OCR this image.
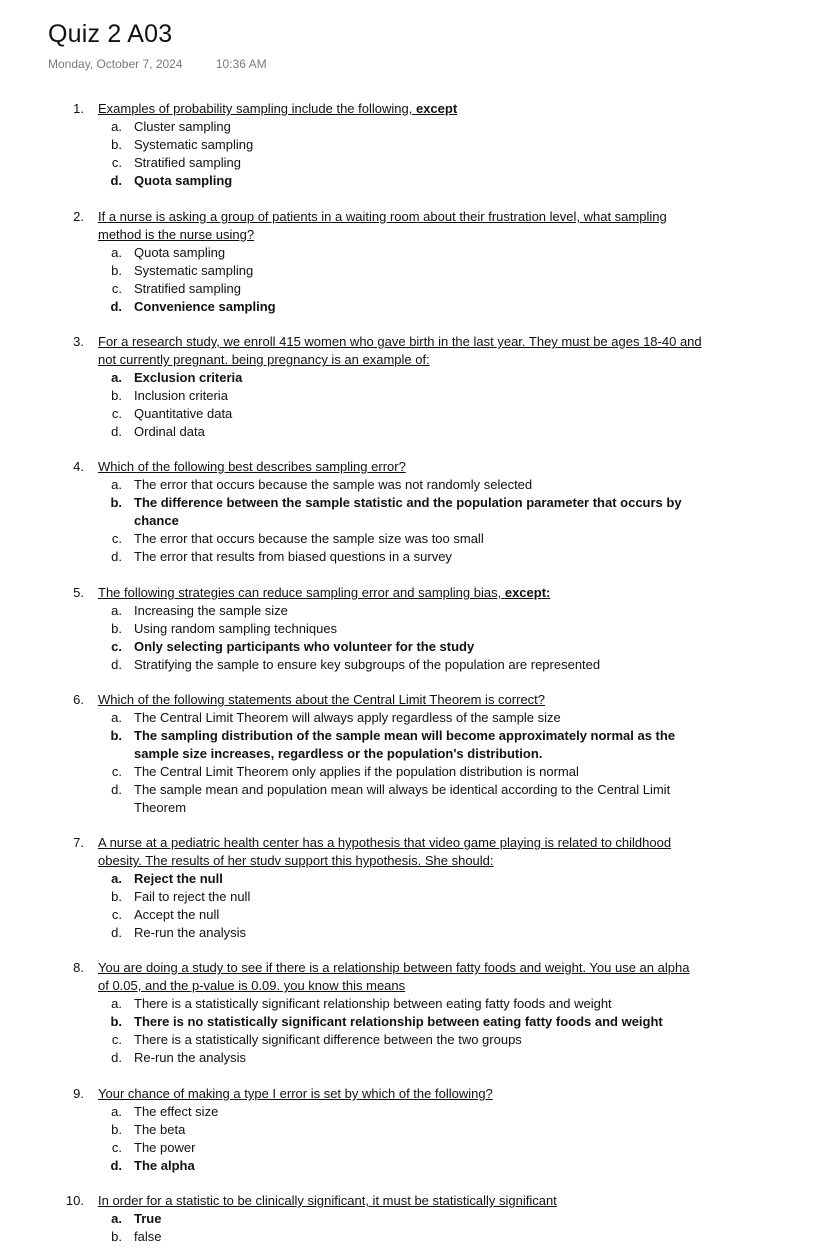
Quiz 2 A03
Monday, October 7, 2024	10:36 AM
1. Examples of probability sampling include the following, except
a. Cluster sampling
b. Systematic sampling
c. Stratified sampling
d. Quota sampling
2. If a nurse is asking a group of patients in a waiting room about their frustration level, what sampling method is the nurse using?
a. Quota sampling
b. Systematic sampling
c. Stratified sampling
d. Convenience sampling
3. For a research study, we enroll 415 women who gave birth in the last year. They must be ages 18-40 and not currently pregnant. being pregnancy is an example of:
a. Exclusion criteria
b. Inclusion criteria
c. Quantitative data
d. Ordinal data
4. Which of the following best describes sampling error?
a. The error that occurs because the sample was not randomly selected
b. The difference between the sample statistic and the population parameter that occurs by chance
c. The error that occurs because the sample size was too small
d. The error that results from biased questions in a survey
5. The following strategies can reduce sampling error and sampling bias, except:
a. Increasing the sample size
b. Using random sampling techniques
c. Only selecting participants who volunteer for the study
d. Stratifying the sample to ensure key subgroups of the population are represented
6. Which of the following statements about the Central Limit Theorem is correct?
a. The Central Limit Theorem will always apply regardless of the sample size
b. The sampling distribution of the sample mean will become approximately normal as the sample size increases, regardless or the population's distribution.
c. The Central Limit Theorem only applies if the population distribution is normal
d. The sample mean and population mean will always be identical according to the Central Limit Theorem
7. A nurse at a pediatric health center has a hypothesis that video game playing is related to childhood obesity. The results of her studv support this hypothesis. She should:
a. Reject the null
b. Fail to reject the null
c. Accept the null
d. Re-run the analysis
8. You are doing a study to see if there is a relationship between fatty foods and weight. You use an alpha of 0.05, and the p-value is 0.09. you know this means
a. There is a statistically significant relationship between eating fatty foods and weight
b. There is no statistically significant relationship between eating fatty foods and weight
c. There is a statistically significant difference between the two groups
d. Re-run the analysis
9. Your chance of making a type I error is set by which of the following?
a. The effect size
b. The beta
c. The power
d. The alpha
10. In order for a statistic to be clinically significant, it must be statistically significant
a. True
b. false
